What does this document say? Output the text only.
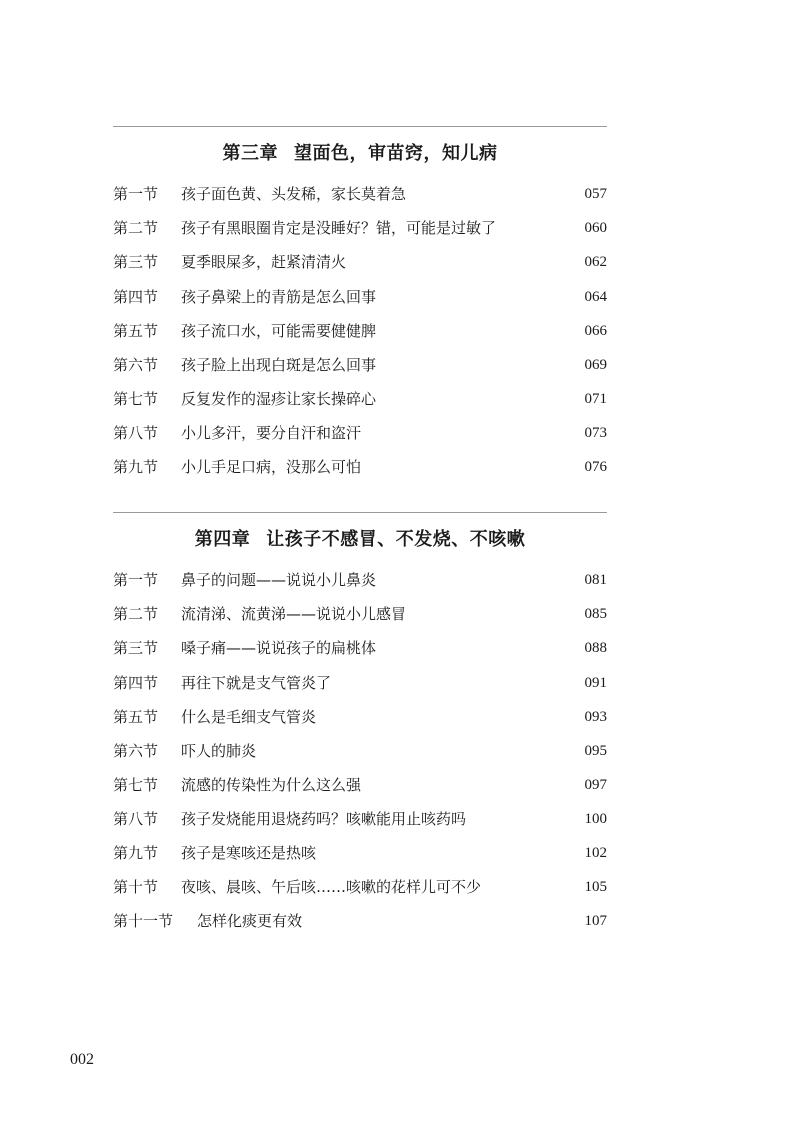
第三章 望面色，审苗窍，知儿病
第一节 孩子面色黄、头发稀，家长莫着急	057
第二节 孩子有黑眼圈肯定是没睡好？错，可能是过敏了	060
第三节 夏季眼屎多，赶紧清清火	062
第四节 孩子鼻梁上的青筋是怎么回事	064
第五节 孩子流口水，可能需要健健脾	066
第六节 孩子脸上出现白斑是怎么回事	069
第七节 反复发作的湿疹让家长操碎心	071
第八节 小儿多汗，要分自汗和盗汗	073
第九节 小儿手足口病，没那么可怕	076
第四章 让孩子不感冒、不发烧、不咳嗽
第一节 鼻子的问题——说说小儿鼻炎	081
第二节 流清涕、流黄涕——说说小儿感冒	085
第三节 嗓子痛——说说孩子的扁桃体	088
第四节 再往下就是支气管炎了	091
第五节 什么是毛细支气管炎	093
第六节 吓人的肺炎	095
第七节 流感的传染性为什么这么强	097
第八节 孩子发烧能用退烧药吗？咳嗽能用止咳药吗	100
第九节 孩子是寒咳还是热咳	102
第十节 夜咳、晨咳、午后咳……咳嗽的花样儿可不少	105
第十一节 怎样化痰更有效	107
002
